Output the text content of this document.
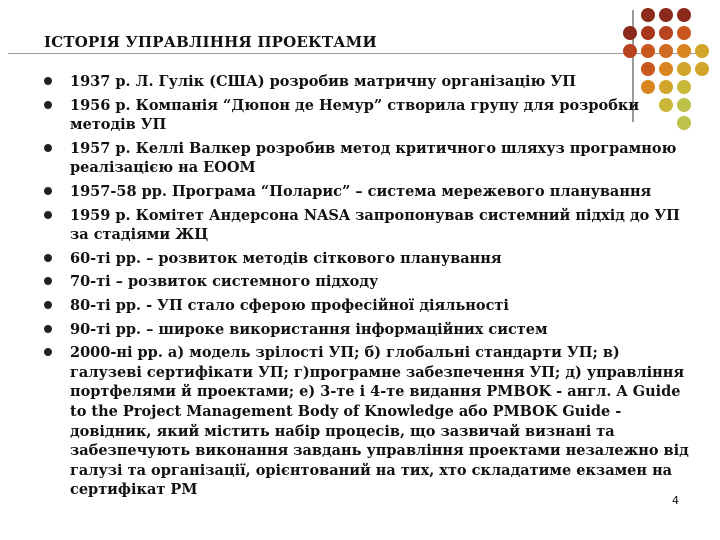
ІСТОРІЯ УПРАВЛІННЯ ПРОЕКТАМИ
1937 р. Л. Гулік (США) розробив матричну організацію УП
1956 р. Компанія “Дюпон де Немур” створила групу для розробки методів УП
1957 р. Келлі Валкер розробив метод критичного шляхуз програмною реалізацією на ЕООМ
1957-58 рр. Програма “Поларис” – система мережевого планування
1959 р. Комітет Андерсона NASA запропонував системний підхід до УП за стадіями ЖЦ
60-ті рр. – розвиток методів сіткового планування
70-ті – розвиток системного підходу
80-ті рр. - УП стало сферою професійної діяльності
90-ті рр. – широке використання інформаційних систем
2000-ні рр. а) модель зрілості УП; б) глобальні стандарти УП; в) галузеві сертифікати УП; г)програмне забезпечення УП; д) управління портфелями й проектами; е) 3-те і 4-те видання PMBOK - англ. A Guide to the Project Management Body of Knowledge або PMBOK Guide -
довідник, який містить набір процесів, що зазвичай визнані та забезпечують виконання завдань управління проектами незалежно від галузі та організації, орієнтований на тих, хто складатиме екзамен на сертифікат PM
4
